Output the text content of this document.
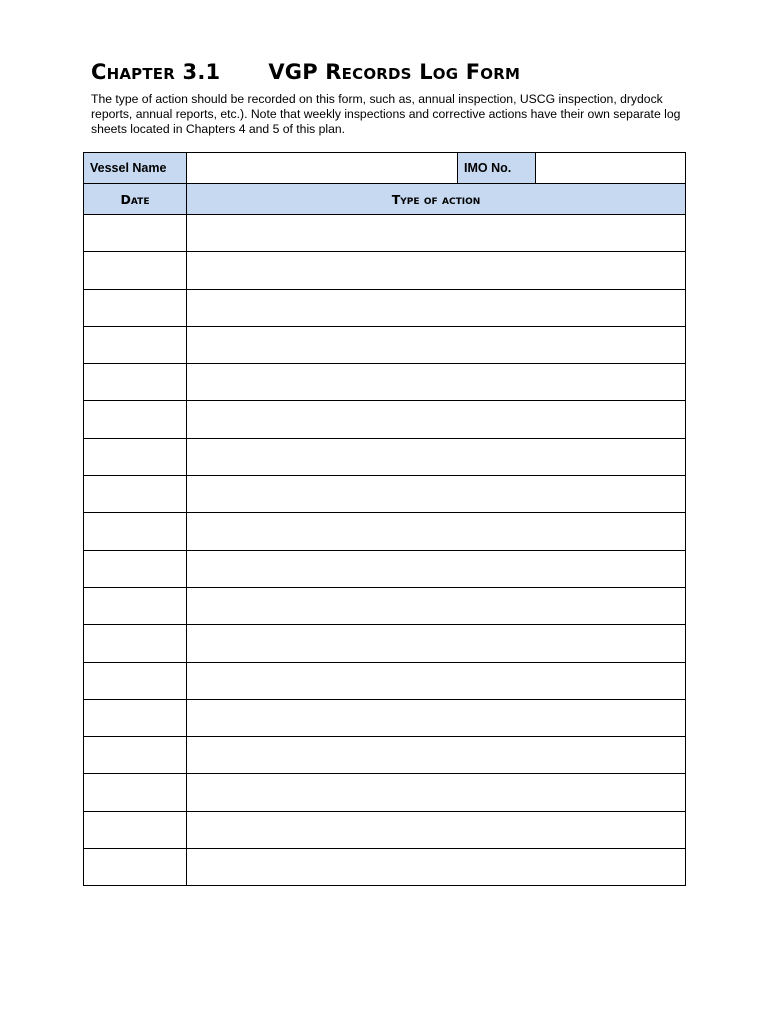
Chapter 3.1 VGP Records Log Form

The type of action should be recorded on this form, such as, annual inspection, USCG inspection, drydock reports, annual reports, etc.). Note that weekly inspections and corrective actions have their own separate log sheets located in Chapters 4 and 5 of this plan.

Vessel Name		IMO No.	
Date	Type of action		
